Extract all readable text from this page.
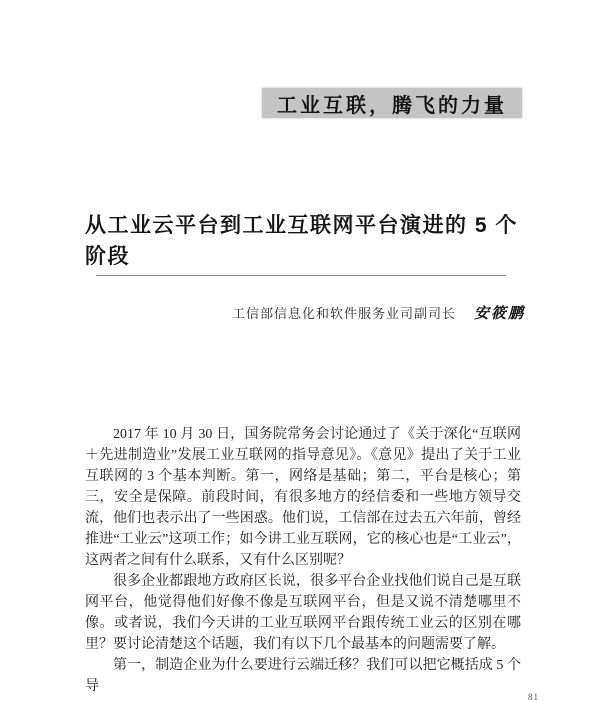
工业互联，腾飞的力量
从工业云平台到工业互联网平台演进的 5 个阶段
工信部信息化和软件服务业司副司长 安筱鹏

2017 年 10 月 30 日，国务院常务会讨论通过了《关于深化“互联网＋先进制造业”发展工业互联网的指导意见》。《意见》提出了关于工业互联网的 3 个基本判断。第一，网络是基础；第二，平台是核心；第三，安全是保障。前段时间，有很多地方的经信委和一些地方领导交流，他们也表示出了一些困惑。他们说，工信部在过去五六年前，曾经推进“工业云”这项工作；如今讲工业互联网，它的核心也是“工业云”，这两者之间有什么联系，又有什么区别呢？

很多企业都跟地方政府区长说，很多平台企业找他们说自己是互联网平台，他觉得他们好像不像是互联网平台，但是又说不清楚哪里不像。或者说，我们今天讲的工业互联网平台跟传统工业云的区别在哪里？要讨论清楚这个话题，我们有以下几个最基本的问题需要了解。

第一，制造企业为什么要进行云端迁移？我们可以把它概括成 5 个导

81
